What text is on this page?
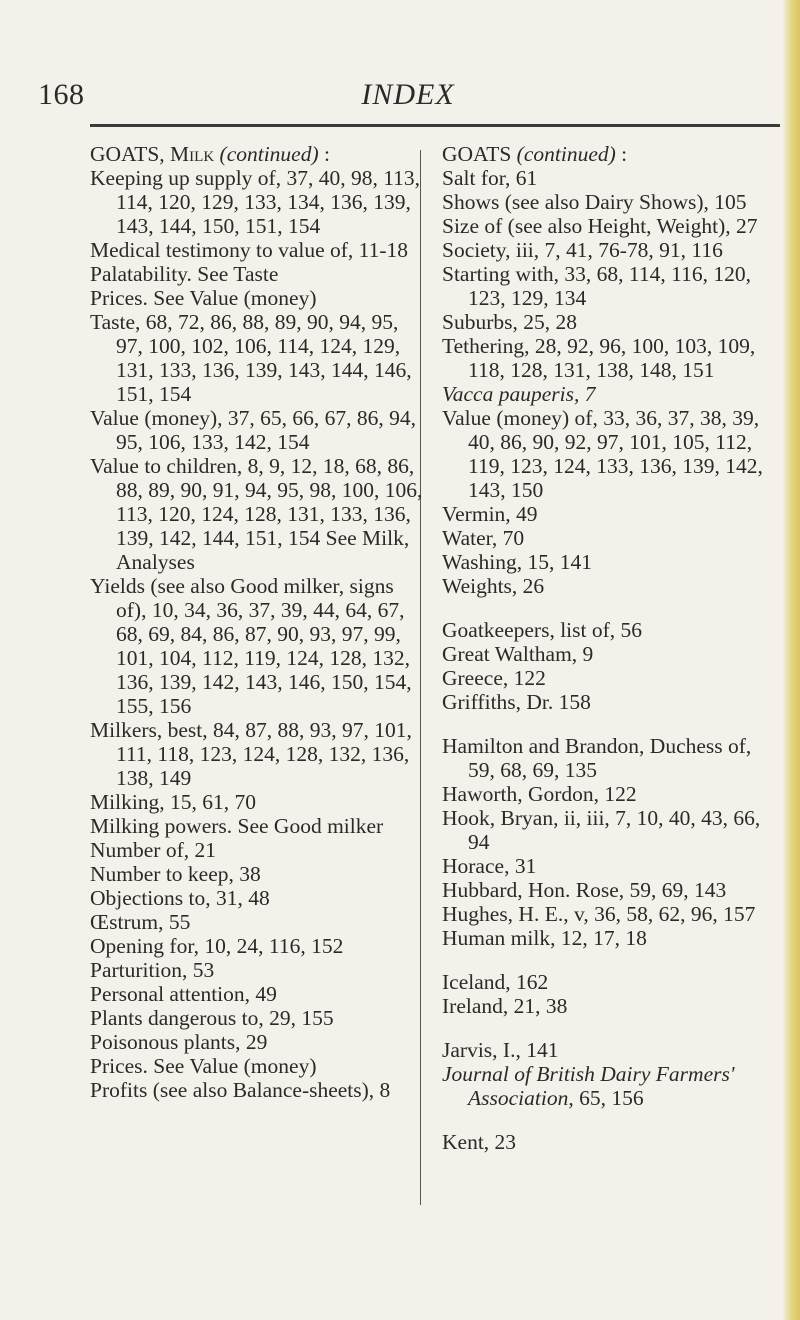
168	INDEX

GOATS, Milk (continued) :

Keeping up supply of, 37, 40, 98, 113, 114, 120, 129, 133, 134, 136, 139, 143, 144, 150, 151, 154

Medical testimony to value of, 11-18

Palatability. See Taste

Prices. See Value (money)

Taste, 68, 72, 86, 88, 89, 90, 94, 95, 97, 100, 102, 106, 114, 124, 129, 131, 133, 136, 139, 143, 144, 146, 151, 154

Value (money), 37, 65, 66, 67, 86, 94, 95, 106, 133, 142, 154

Value to children, 8, 9, 12, 18, 68, 86, 88, 89, 90, 91, 94, 95, 98, 100, 106, 113, 120, 124, 128, 131, 133, 136, 139, 142, 144, 151, 154 See Milk, Analyses

Yields (see also Good milker, signs of), 10, 34, 36, 37, 39, 44, 64, 67, 68, 69, 84, 86, 87, 90, 93, 97, 99, 101, 104, 112, 119, 124, 128, 132, 136, 139, 142, 143, 146, 150, 154, 155, 156

Milkers, best, 84, 87, 88, 93, 97, 101, 111, 118, 123, 124, 128, 132, 136, 138, 149

Milking, 15, 61, 70

Milking powers. See Good milker

Number of, 21

Number to keep, 38

Objections to, 31, 48

Œstrum, 55

Opening for, 10, 24, 116, 152

Parturition, 53

Personal attention, 49

Plants dangerous to, 29, 155

Poisonous plants, 29

Prices. See Value (money)

Profits (see also Balance-sheets), 8

GOATS (continued) :

Salt for, 61

Shows (see also Dairy Shows), 105

Size of (see also Height, Weight), 27

Society, iii, 7, 41, 76-78, 91, 116

Starting with, 33, 68, 114, 116, 120, 123, 129, 134

Suburbs, 25, 28

Tethering, 28, 92, 96, 100, 103, 109, 118, 128, 131, 138, 148, 151

Vacca pauperis, 7

Value (money) of, 33, 36, 37, 38, 39, 40, 86, 90, 92, 97, 101, 105, 112, 119, 123, 124, 133, 136, 139, 142, 143, 150

Vermin, 49

Water, 70

Washing, 15, 141

Weights, 26

Goatkeepers, list of, 56

Great Waltham, 9

Greece, 122

Griffiths, Dr. 158

Hamilton and Brandon, Duchess of, 59, 68, 69, 135

Haworth, Gordon, 122

Hook, Bryan, ii, iii, 7, 10, 40, 43, 66, 94

Horace, 31

Hubbard, Hon. Rose, 59, 69, 143

Hughes, H. E., v, 36, 58, 62, 96, 157

Human milk, 12, 17, 18

Iceland, 162

Ireland, 21, 38

Jarvis, I., 141

Journal of British Dairy Farmers' Association, 65, 156

Kent, 23
